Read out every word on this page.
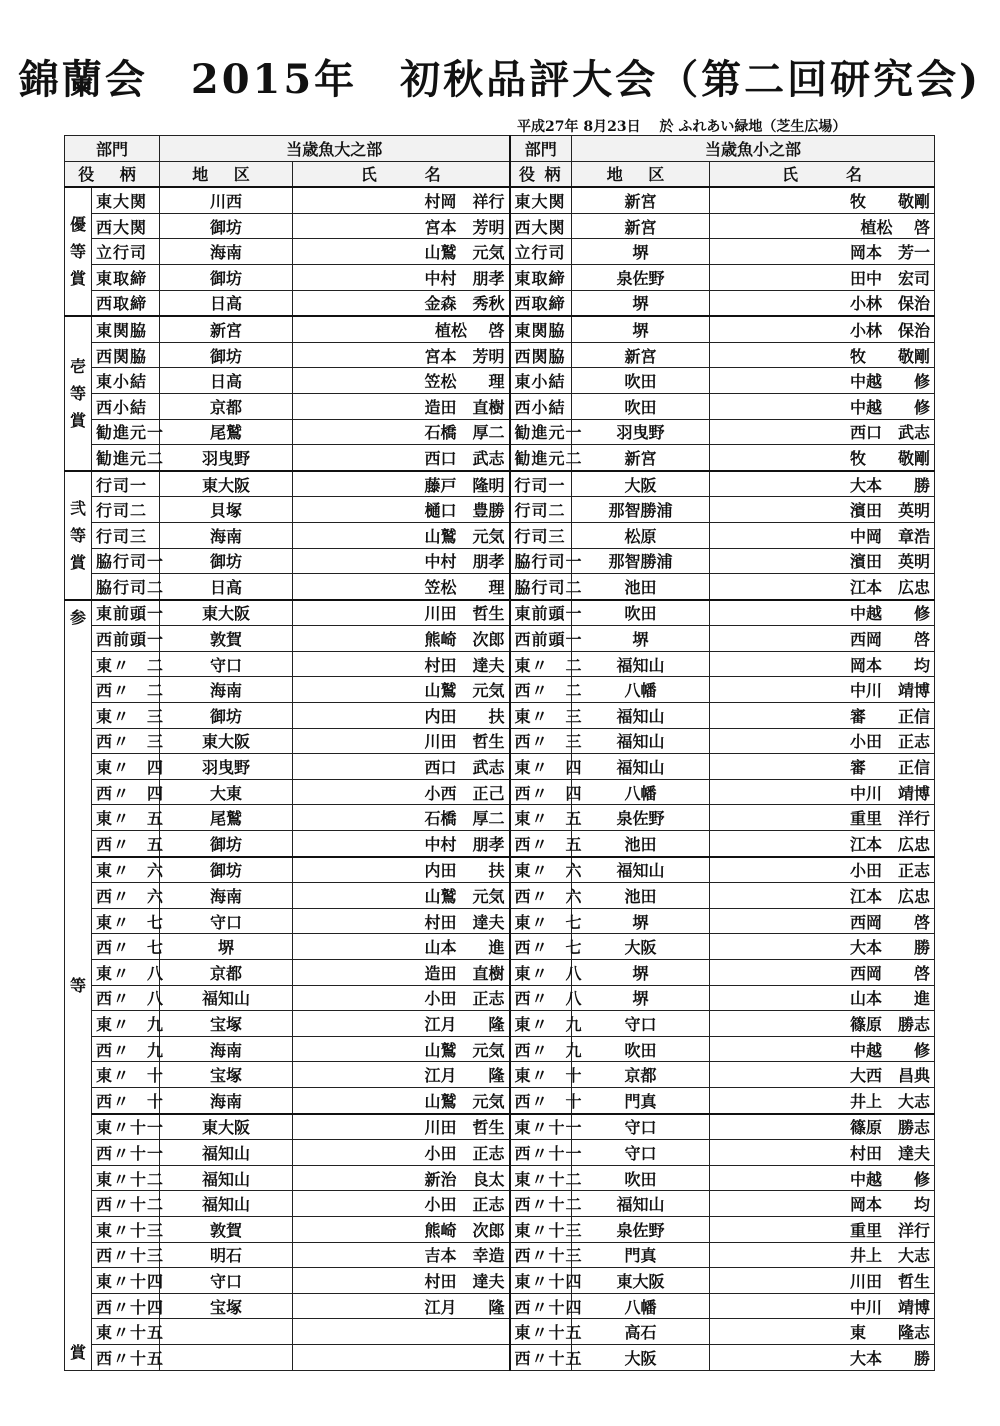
錦蘭会　2015年　初秋品評大会（第二回研究会)
平成27年 8月23日　 於 ふれあい緑地（芝生広場）
部門		当歳魚大之部		部門	当歳魚小之部	
役 柄		地 区	氏　　　名	役 柄	地 区	氏　　　名

優
等
賞	東大関	川西	村岡　祥行	東大関	新宮	牧　　敬剛
	西大関	御坊	宮本　芳明	西大関	新宮	植松　 啓
	立行司	海南	山鷲　元気	立行司	堺	岡本　芳一
	東取締	御坊	中村　朋孝	東取締	泉佐野	田中　宏司
	西取締	日高	金森　秀秋	西取締	堺	小林　保治

壱
等
賞	東関脇	新宮	植松　 啓	東関脇	堺	小林　保治
	西関脇	御坊	宮本　芳明	西関脇	新宮	牧　　敬剛
	東小結	日高	笠松　　理	東小結	吹田	中越　　修
	西小結	京都	造田　直樹	西小結	吹田	中越　　修
	勧進元一	尾鷲	石橋　厚二	勧進元一	羽曳野	西口　武志
	勧進元二	羽曳野	西口　武志	勧進元二	新宮	牧　　敬剛

弐
等
賞	行司一	東大阪	藤戸　隆明	行司一	大阪	大本　　勝
	行司二	貝塚	樋口　豊勝	行司二	那智勝浦	濱田　英明
	行司三	海南	山鷲　元気	行司三	松原	中岡　章浩
	脇行司一	御坊	中村　朋孝	脇行司一	那智勝浦	濱田　英明
	脇行司二	日高	笠松　　理	脇行司二	池田	江本　広忠

参
等
賞	東前頭一	東大阪	川田　哲生	東前頭一	吹田	中越　　修
	西前頭一	敦賀	熊崎　次郎	西前頭一	堺	西岡　　啓
	東〃　二	守口	村田　達夫	東〃　二	福知山	岡本　　均
	西〃　二	海南	山鷲　元気	西〃　二	八幡	中川　靖博
	東〃　三	御坊	内田　　扶	東〃　三	福知山	審　　正信
	西〃　三	東大阪	川田　哲生	西〃　三	福知山	小田　正志
	東〃　四	羽曳野	西口　武志	東〃　四	福知山	審　　正信
	西〃　四	大東	小西　正己	西〃　四	八幡	中川　靖博
	東〃　五	尾鷲	石橋　厚二	東〃　五	泉佐野	重里　洋行
	西〃　五	御坊	中村　朋孝	西〃　五	池田	江本　広忠
	東〃　六	御坊	内田　　扶	東〃　六	福知山	小田　正志
	西〃　六	海南	山鷲　元気	西〃　六	池田	江本　広忠
	東〃　七	守口	村田　達夫	東〃　七	堺	西岡　　啓
	西〃　七	堺	山本　　進	西〃　七	大阪	大本　　勝
	東〃　八	京都	造田　直樹	東〃　八	堺	西岡　　啓
	西〃　八	福知山	小田　正志	西〃　八	堺	山本　　進
	東〃　九	宝塚	江月　　隆	東〃　九	守口	篠原　勝志
	西〃　九	海南	山鷲　元気	西〃　九	吹田	中越　　修
	東〃　十	宝塚	江月　　隆	東〃　十	京都	大西　昌典
	西〃　十	海南	山鷲　元気	西〃　十	門真	井上　大志
	東〃十一	東大阪	川田　哲生	東〃十一	守口	篠原　勝志
	西〃十一	福知山	小田　正志	西〃十一	守口	村田　達夫
	東〃十二	福知山	新治　良太	東〃十二	吹田	中越　　修
	西〃十二	福知山	小田　正志	西〃十二	福知山	岡本　　均
	東〃十三	敦賀	熊崎　次郎	東〃十三	泉佐野	重里　洋行
	西〃十三	明石	吉本　幸造	西〃十三	門真	井上　大志
	東〃十四	守口	村田　達夫	東〃十四	東大阪	川田　哲生
	西〃十四	宝塚	江月　　隆	西〃十四	八幡	中川　靖博
	東〃十五			東〃十五	高石	東　　隆志
	西〃十五			西〃十五	大阪	大本　　勝
